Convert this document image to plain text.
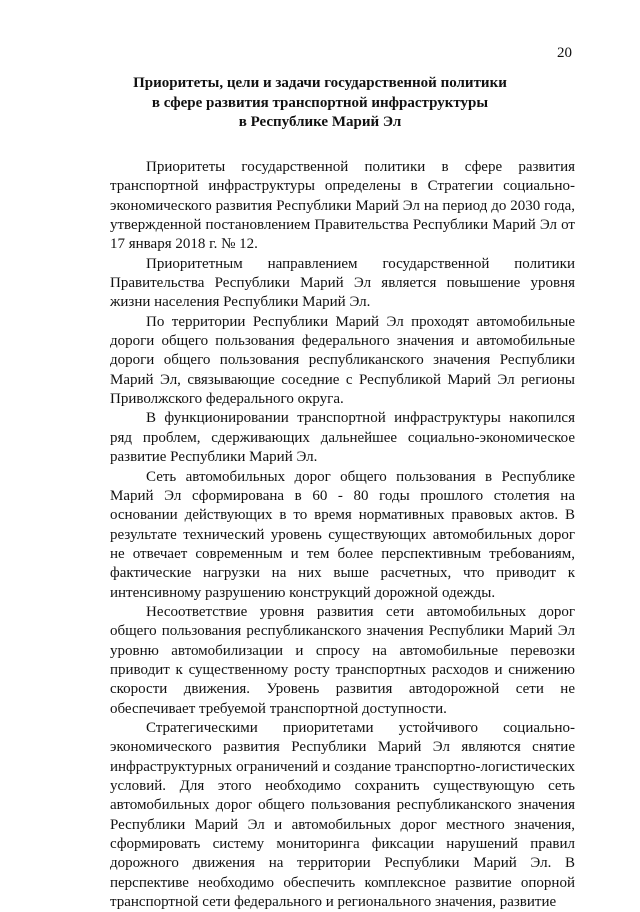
20
Приоритеты, цели и задачи государственной политики
в сфере развития транспортной инфраструктуры
в Республике Марий Эл

Приоритеты государственной политики в сфере развития транспортной инфраструктуры определены в Стратегии социально-экономического развития Республики Марий Эл на период до 2030 года, утвержденной постановлением Правительства Республики Марий Эл от 17 января 2018 г. № 12.

Приоритетным направлением государственной политики Правительства Республики Марий Эл является повышение уровня жизни населения Республики Марий Эл.

По территории Республики Марий Эл проходят автомобильные дороги общего пользования федерального значения и автомобильные дороги общего пользования республиканского значения Республики Марий Эл, связывающие соседние с Республикой Марий Эл регионы Приволжского федерального округа.

В функционировании транспортной инфраструктуры накопился ряд проблем, сдерживающих дальнейшее социально-экономическое развитие Республики Марий Эл.

Сеть автомобильных дорог общего пользования в Республике Марий Эл сформирована в 60 - 80 годы прошлого столетия на основании действующих в то время нормативных правовых актов. В результате технический уровень существующих автомобильных дорог не отвечает современным и тем более перспективным требованиям, фактические нагрузки на них выше расчетных, что приводит к интенсивному разрушению конструкций дорожной одежды.

Несоответствие уровня развития сети автомобильных дорог общего пользования республиканского значения Республики Марий Эл уровню автомобилизации и спросу на автомобильные перевозки приводит к существенному росту транспортных расходов и снижению скорости движения. Уровень развития автодорожной сети не обеспечивает требуемой транспортной доступности.

Стратегическими приоритетами устойчивого социально-экономического развития Республики Марий Эл являются снятие инфраструктурных ограничений и создание транспортно-логистических условий. Для этого необходимо сохранить существующую сеть автомобильных дорог общего пользования республиканского значения Республики Марий Эл и автомобильных дорог местного значения, сформировать систему мониторинга фиксации нарушений правил дорожного движения на территории Республики Марий Эл. В перспективе необходимо обеспечить комплексное развитие опорной транспортной сети федерального и регионального значения, развитие
